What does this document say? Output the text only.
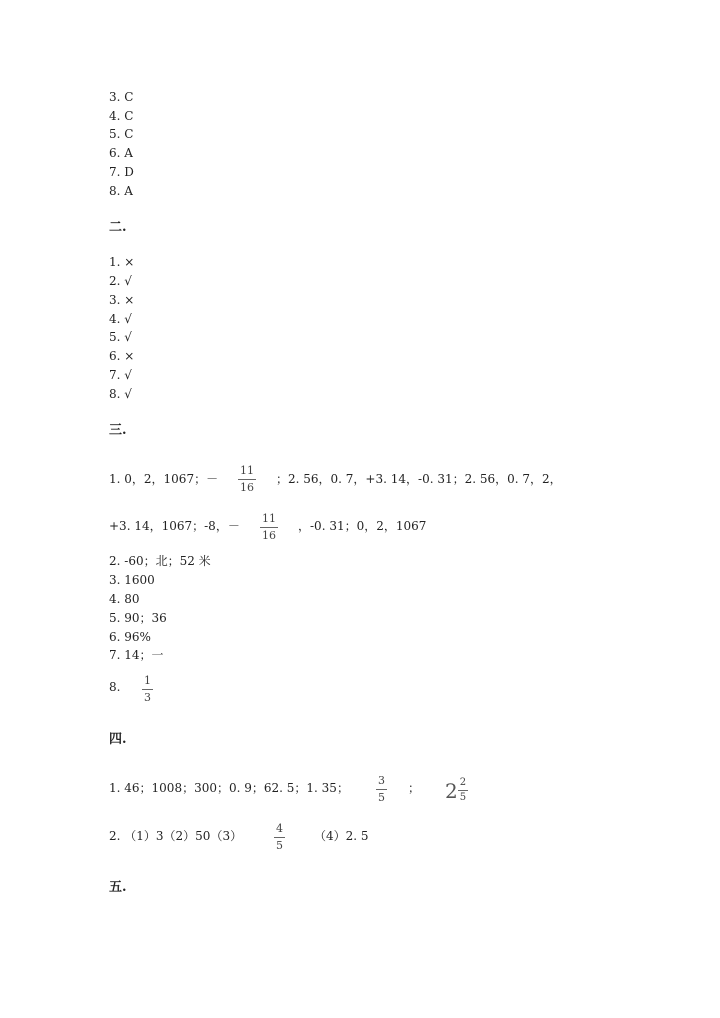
3. C
4. C
5. C
6. A
7. D
8. A
二.
1. ×
2. √
3. ×
4. √
5. √
6. ×
7. √
8. √
三.
1. 0，2，1067；－
11
16
；2. 56，0. 7，+3. 14，-0. 31；2. 56，0. 7，2，
+3. 14，1067；-8，－
11
16
，-0. 31；0，2，1067
2. -60；北；52 米
3. 1600
4. 80
5. 90；36
6. 96%
7. 14；一
8. 1
3
四.
1. 46；1008；300；0. 9；62. 5；1. 35；
3
5
； $2 \frac{2}{5}$
2. （1）3（2）50（3）
4
5
（4）2. 5
五.
